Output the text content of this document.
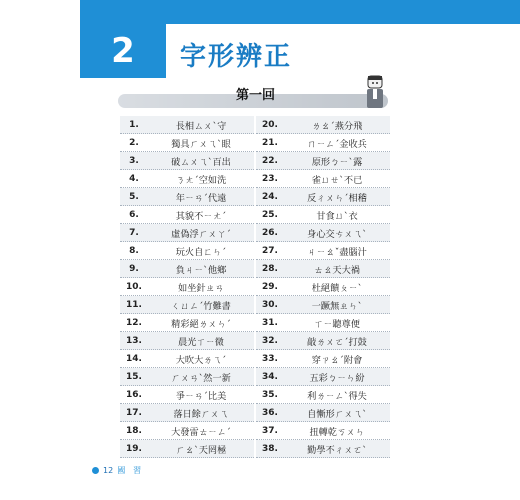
2 字形辨正
第一回
1.	長相ㄙㄨˋ守
2.	獨具ㄏㄨㄟˋ眼
3.	破ㄙㄨㄟˋ百出
4.	ㄋㄤˊ空如洗
5.	年ㄧㄢˊ代遠
6.	其貌不ㄧㄤˊ
7.	虛偽浮ㄏㄨㄚˊ
8.	玩火自ㄈㄣˊ
9.	負ㄐㄧˋ他鄉
10.	如坐針ㄓㄢ
11.	ㄑㄩㄥˊ竹難書
12.	精彩絕ㄌㄨㄣˊ
13.	晨光ㄒㄧ微
14.	大吹大ㄌㄟˊ
15.	ㄏㄨㄢˋ然一新
16.	爭ㄧㄢˊ比美
17.	落日餘ㄏㄨㄟ
18.	大發雷ㄊㄧㄥˊ
19.	ㄏㄠˋ天罔極
20.	ㄌㄠˊ燕分飛
21.	ㄇㄧㄥˊ金收兵
22.	原形ㄅㄧˋ露
23.	雀ㄩㄝˋ不已
24.	反ㄔㄨㄣˊ相稽
25.	甘食ㄩˋ衣
26.	身心交ㄘㄨㄟˋ
27.	ㄐㄧㄠˇ盡腦汁
28.	ㄊㄠ天大禍
29.	杜絕饋ㄆㄧˋ
30.	一蹶無ㄓㄣˋ
31.	ㄒㄧ聽尊便
32.	敲ㄌㄨㄛˊ打鼓
33.	穿ㄗㄠˊ附會
34.	五彩ㄅㄧㄣ紛
35.	利ㄌㄧㄥˋ得失
36.	自慚形ㄏㄨㄟˋ
37.	扭轉乾ㄎㄨㄣ
38.	勤學不ㄔㄨㄛˋ
12 國　習
